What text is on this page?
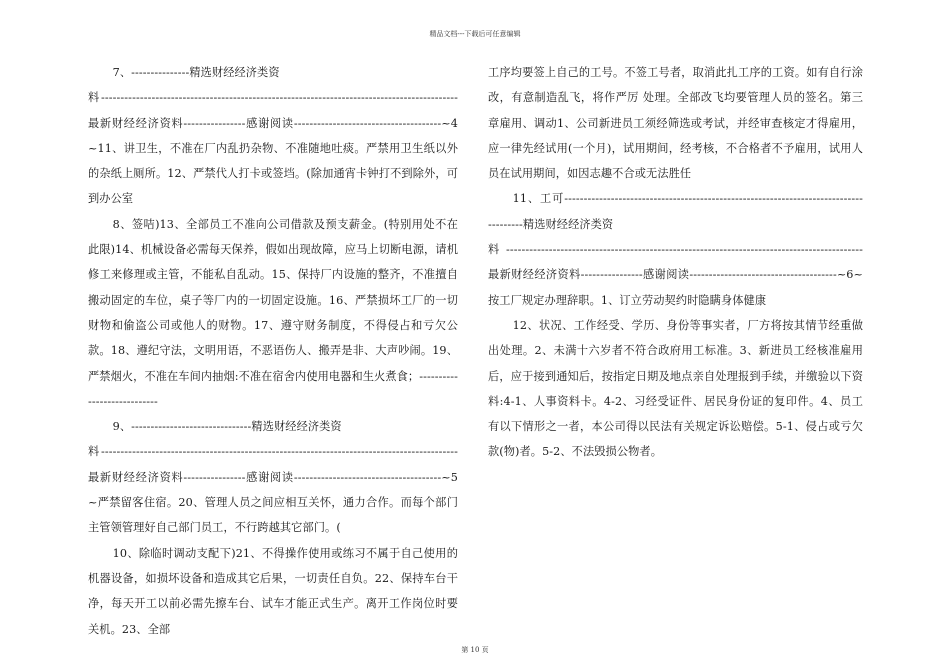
精品文档---下载后可任意编辑

7、---------------精选财经经济类资

料--------------------------------------------------------------------------------------------最新财经经济资料----------------感谢阅读--------------------------------------~4~11、讲卫生，不准在厂内乱扔杂物、不准随地吐痰。严禁用卫生纸以外的杂纸上厕所。12、严禁代人打卡或签垱。(除加通宵卡钟打不到除外，可到办公室

8、签咭)13、全部员工不准向公司借款及预支薪金。(特别用处不在此限)14、机械设备必需每天保养，假如出现故障，应马上切断电源，请机修工来修理或主管，不能私自乱动。15、保持厂内设施的整齐，不准擅自搬动固定的车位，桌子等厂内的一切固定设施。16、严禁损坏工厂的一切财物和偷盗公司或他人的财物。17、遵守财务制度，不得侵占和亏欠公款。18、遵纪守法，文明用语，不恶语伤人、搬弄是非、大声吵闹。19、严禁烟火，不准在车间内抽烟:不准在宿舍内使用电器和生火煮食；----------------------------

9、-------------------------------精选财经经济类资

料--------------------------------------------------------------------------------------------最新财经经济资料----------------感谢阅读--------------------------------------~5~严禁留客住宿。20、管理人员之间应相互关怀，通力合作。而每个部门主管领管理好自己部门员工，不行跨越其它部门。(

10、除临时调动支配下)21、不得操作使用或练习不属于自己使用的机器设备，如损坏设备和造成其它后果，一切责任自负。22、保持车台干净，每天开工以前必需先擦车台、试车才能正式生产。离开工作岗位时要关机。23、全部

工序均要签上自己的工号。不签工号者，取消此扎工序的工资。如有自行涂改，有意制造乱飞，将作严厉 处理。全部改飞均要管理人员的签名。第三章雇用、调动1、公司新进员工须经筛选或考试，并经审查核定才得雇用，应一律先经试用(一个月)，试用期间，经考核，不合格者不予雇用，试用人员在试用期间，如因志趣不合或无法胜任

11、工可--------------------------------------------------------------------------------------精选财经经济类资

料--------------------------------------------------------------------------------------------最新财经经济资料----------------感谢阅读--------------------------------------~6~按工厂规定办理辞职。1、订立劳动契约时隐瞒身体健康

12、状况、工作经受、学历、身份等事实者，厂方将按其情节经重做出处理。2、未满十六岁者不符合政府用工标准。3、新进员工经核准雇用后，应于接到通知后，按指定日期及地点亲自处理报到手续，并缴验以下资料:4-1、人事资料卡。4-2、习经受证件、居民身份证的复印件。4、员工有以下情形之一者，本公司得以民法有关规定诉讼赔偿。5-1、侵占或亏欠款(物)者。5-2、不法毁损公物者。

第 10 页
